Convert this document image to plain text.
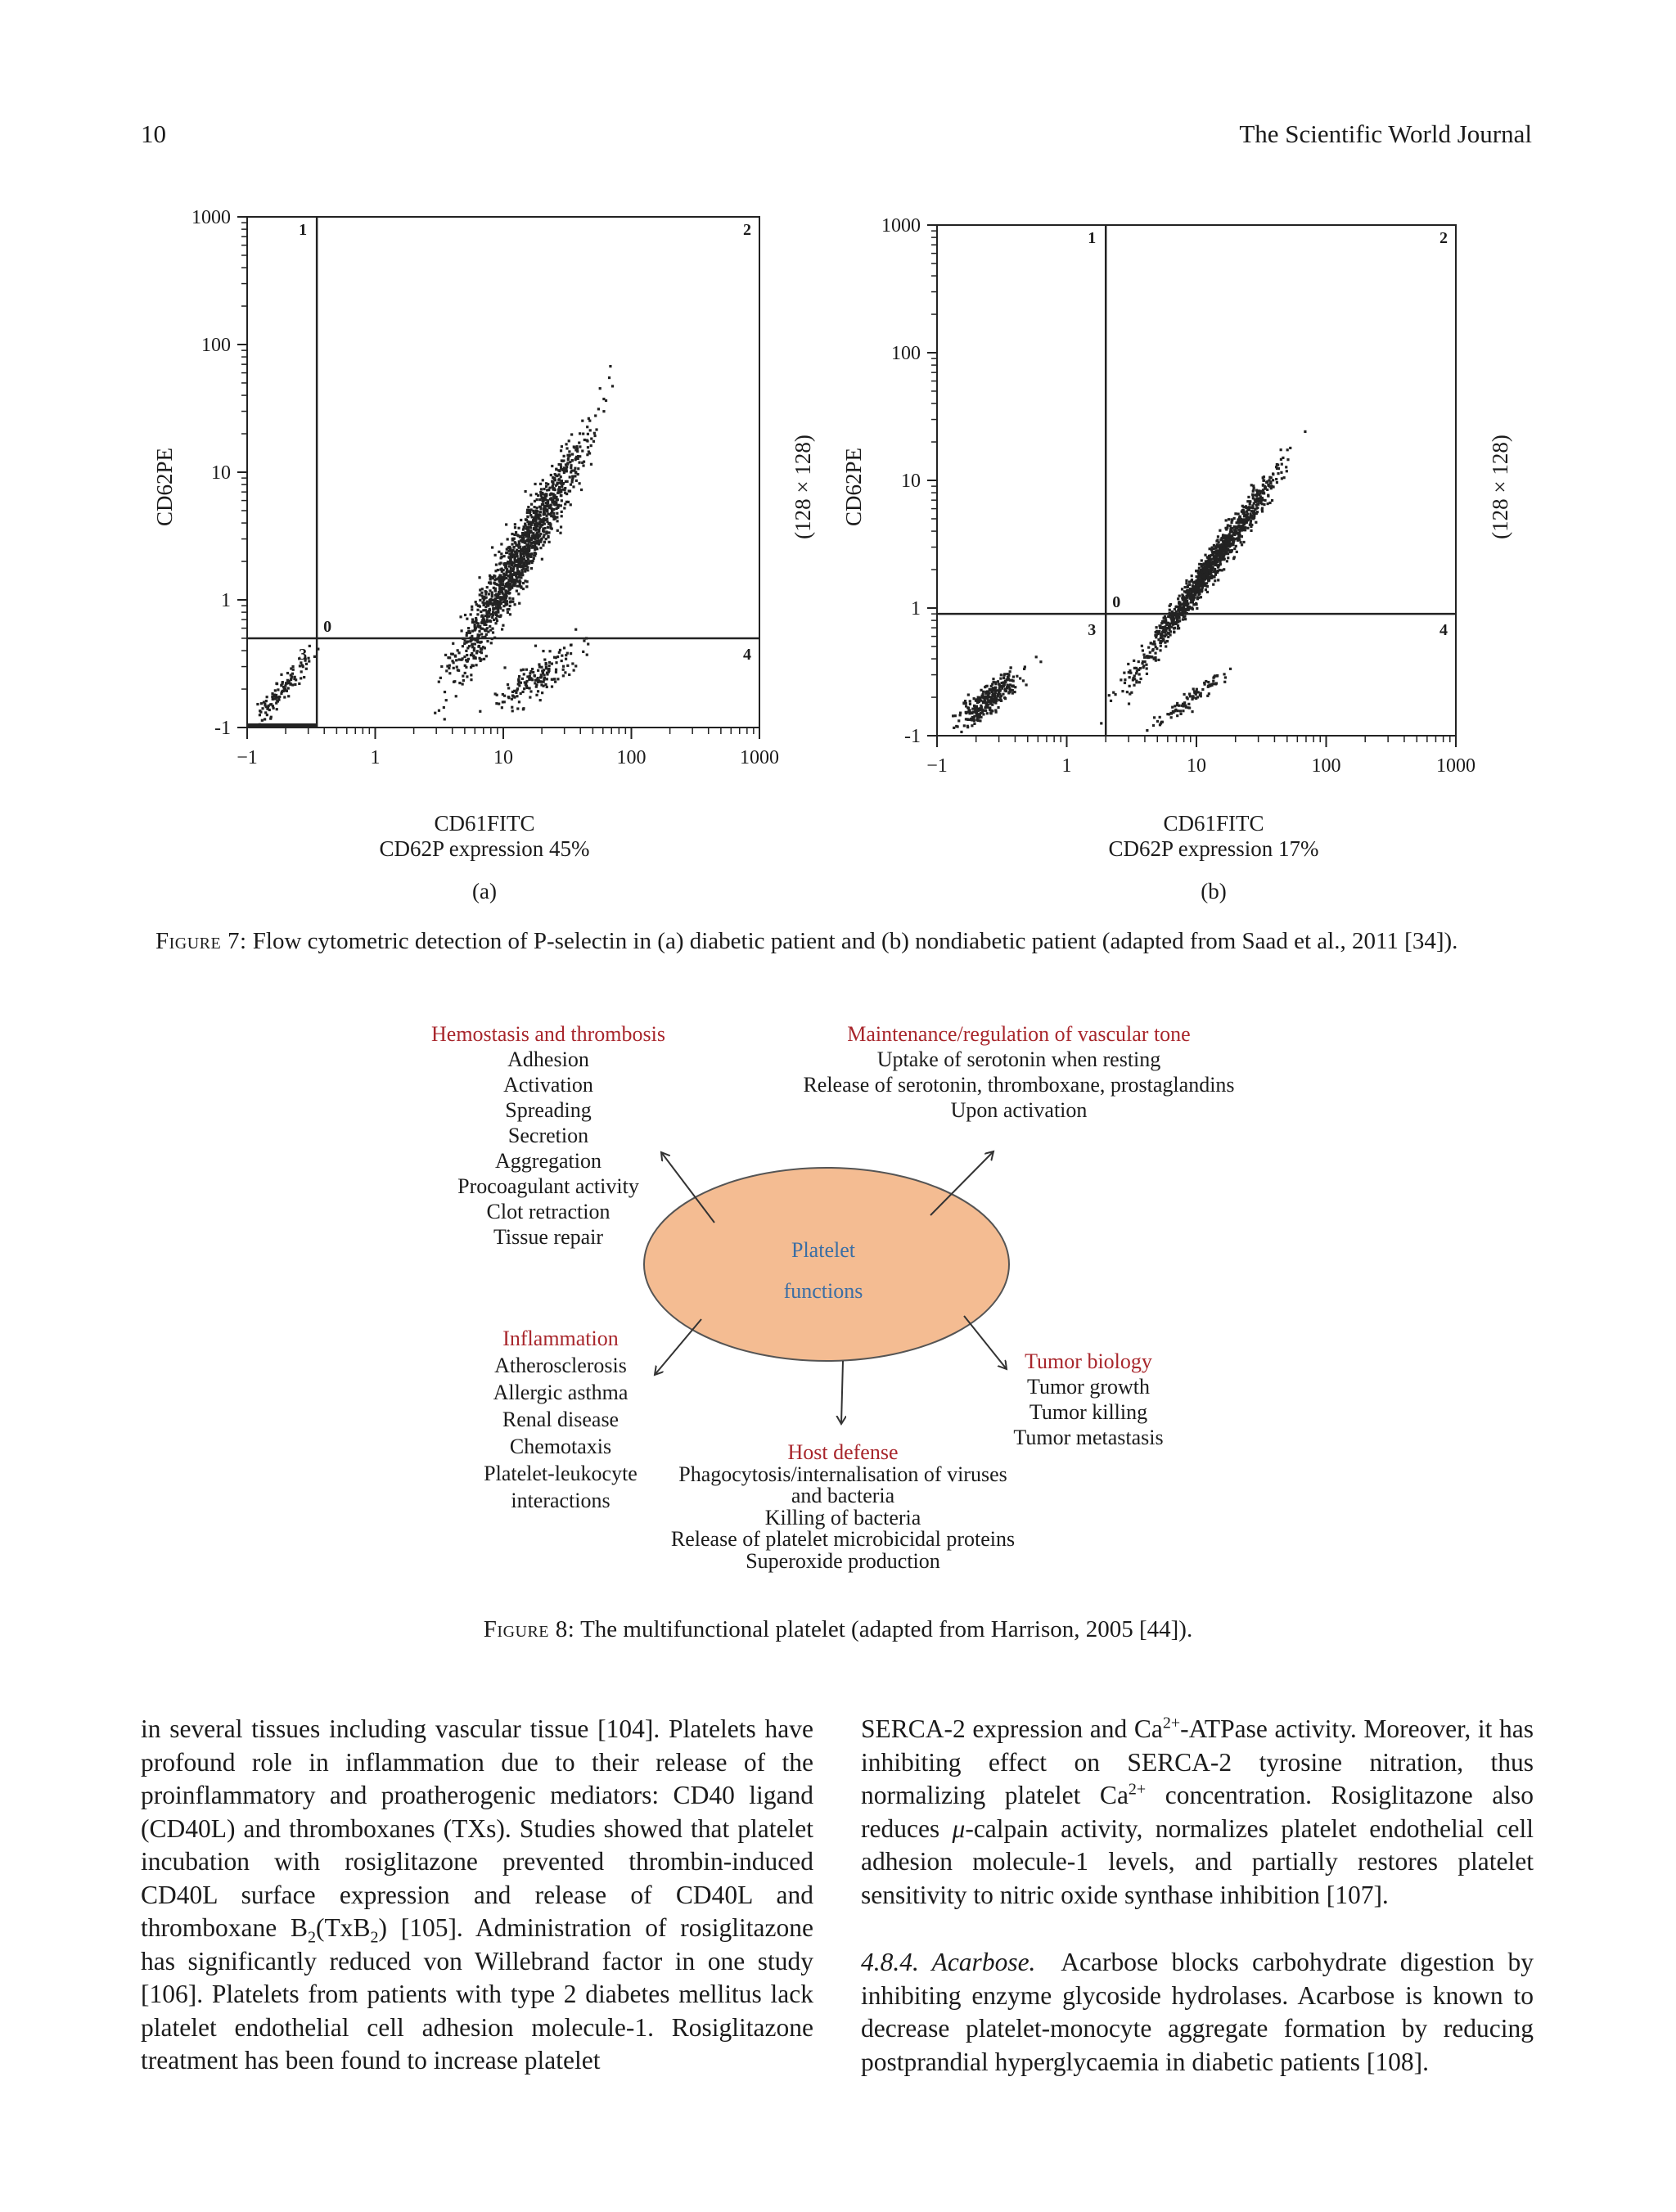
10	The Scientific World Journal
CD62PE	(128 × 128)
1000
100
10
1
-1
−1	1	10	100	1000
1	2
3	4
0
CD61FITC
CD62P expression 45%
(a)
CD62PE	(128 × 128)
1000
100
10
1
-1
−1	1	10	100	1000
1	2
3	4
0
CD61FITC
CD62P expression 17%
(b)
Figure 7: Flow cytometric detection of P-selectin in (a) diabetic patient and (b) nondiabetic patient (adapted from Saad et al., 2011 [34]).
Platelet
functions
Hemostasis and thrombosis
Adhesion
Activation
Spreading
Secretion
Aggregation
Procoagulant activity
Clot retraction
Tissue repair
Maintenance/regulation of vascular tone
Uptake of serotonin when resting
Release of serotonin, thromboxane, prostaglandins
Upon activation
Inflammation
Atherosclerosis
Allergic asthma
Renal disease
Chemotaxis
Platelet-leukocyte
interactions
Tumor biology
Tumor growth
Tumor killing
Tumor metastasis
Host defense
Phagocytosis/internalisation of viruses
and bacteria
Killing of bacteria
Release of platelet microbicidal proteins
Superoxide production
Figure 8: The multifunctional platelet (adapted from Harrison, 2005 [44]).

in several tissues including vascular tissue [104]. Platelets have profound role in inflammation due to their release of the proinflammatory and proatherogenic mediators: CD40 ligand (CD40L) and thromboxanes (TXs). Studies showed that platelet incubation with rosiglitazone prevented thrombin-induced CD40L surface expression and release of CD40L and thromboxane $B_2(TxB_2)$ [105]. Administration of rosiglitazone has significantly reduced von Willebrand factor in one study [106]. Platelets from patients with type 2 diabetes mellitus lack platelet endothelial cell adhesion molecule-1. Rosiglitazone treatment has been found to increase platelet

SERCA-2 expression and $Ca^{2+}$-ATPase activity. Moreover, it has inhibiting effect on SERCA-2 tyrosine nitration, thus normalizing platelet $Ca^{2+}$ concentration. Rosiglitazone also reduces μ-calpain activity, normalizes platelet endothelial cell adhesion molecule-1 levels, and partially restores platelet sensitivity to nitric oxide synthase inhibition [107].

4.8.4. Acarbose. Acarbose blocks carbohydrate digestion by inhibiting enzyme glycoside hydrolases. Acarbose is known to decrease platelet-monocyte aggregate formation by reducing postprandial hyperglycaemia in diabetic patients [108].
